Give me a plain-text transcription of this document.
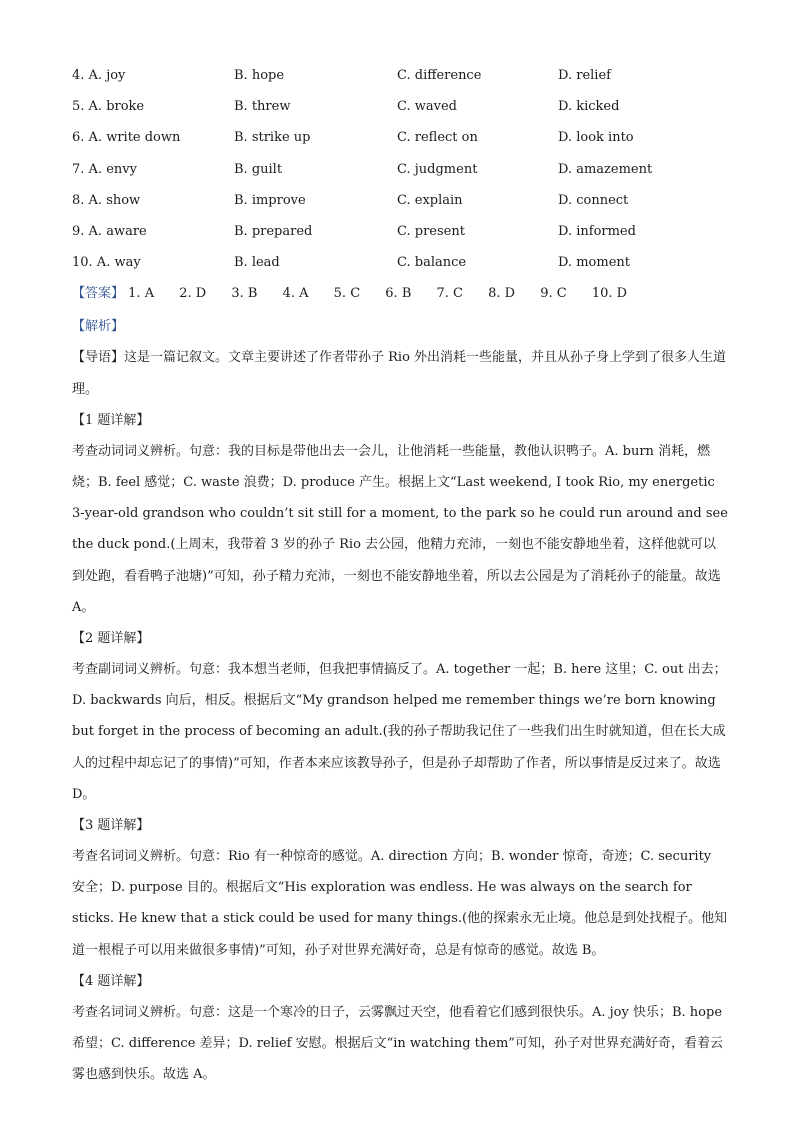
4. A. joy	B. hope	C. difference	D. relief
5. A. broke	B. threw	C. waved	D. kicked
6. A. write down	B. strike up	C. reflect on	D. look into
7. A. envy	B. guilt	C. judgment	D. amazement
8. A. show	B. improve	C. explain	D. connect
9. A. aware	B. prepared	C. present	D. informed
10. A. way	B. lead	C. balance	D. moment
【答案】 1. A 2. D 3. B 4. A 5. C 6. B 7. C 8. D 9. C 10. D
【解析】
【导语】这是一篇记叙文。文章主要讲述了作者带孙子 Rio 外出消耗一些能量，并且从孙子身上学到了很多人生道理。
【1 题详解】
考查动词词义辨析。句意：我的目标是带他出去一会儿，让他消耗一些能量，教他认识鸭子。A. burn 消耗，燃烧；B. feel 感觉；C. waste 浪费；D. produce 产生。根据上文“Last weekend, I took Rio, my energetic 3-year-old grandson who couldn’t sit still for a moment, to the park so he could run around and see the duck pond.(上周末，我带着 3 岁的孙子 Rio 去公园，他精力充沛，一刻也不能安静地坐着，这样他就可以到处跑，看看鸭子池塘)”可知，孙子精力充沛，一刻也不能安静地坐着，所以去公园是为了消耗孙子的能量。故选 A。
【2 题详解】
考查副词词义辨析。句意：我本想当老师，但我把事情搞反了。A. together 一起；B. here 这里；C. out 出去；D. backwards 向后，相反。根据后文“My grandson helped me remember things we’re born knowing but forget in the process of becoming an adult.(我的孙子帮助我记住了一些我们出生时就知道，但在长大成人的过程中却忘记了的事情)”可知，作者本来应该教导孙子，但是孙子却帮助了作者，所以事情是反过来了。故选 D。
【3 题详解】
考查名词词义辨析。句意：Rio 有一种惊奇的感觉。A. direction 方向；B. wonder 惊奇，奇迹；C. security 安全；D. purpose 目的。根据后文“His exploration was endless. He was always on the search for sticks. He knew that a stick could be used for many things.(他的探索永无止境。他总是到处找棍子。他知道一根棍子可以用来做很多事情)”可知，孙子对世界充满好奇，总是有惊奇的感觉。故选 B。
【4 题详解】
考查名词词义辨析。句意：这是一个寒冷的日子，云雾飘过天空，他看着它们感到很快乐。A. joy 快乐；B. hope 希望；C. difference 差异；D. relief 安慰。根据后文“in watching them”可知，孙子对世界充满好奇，看着云雾也感到快乐。故选 A。
